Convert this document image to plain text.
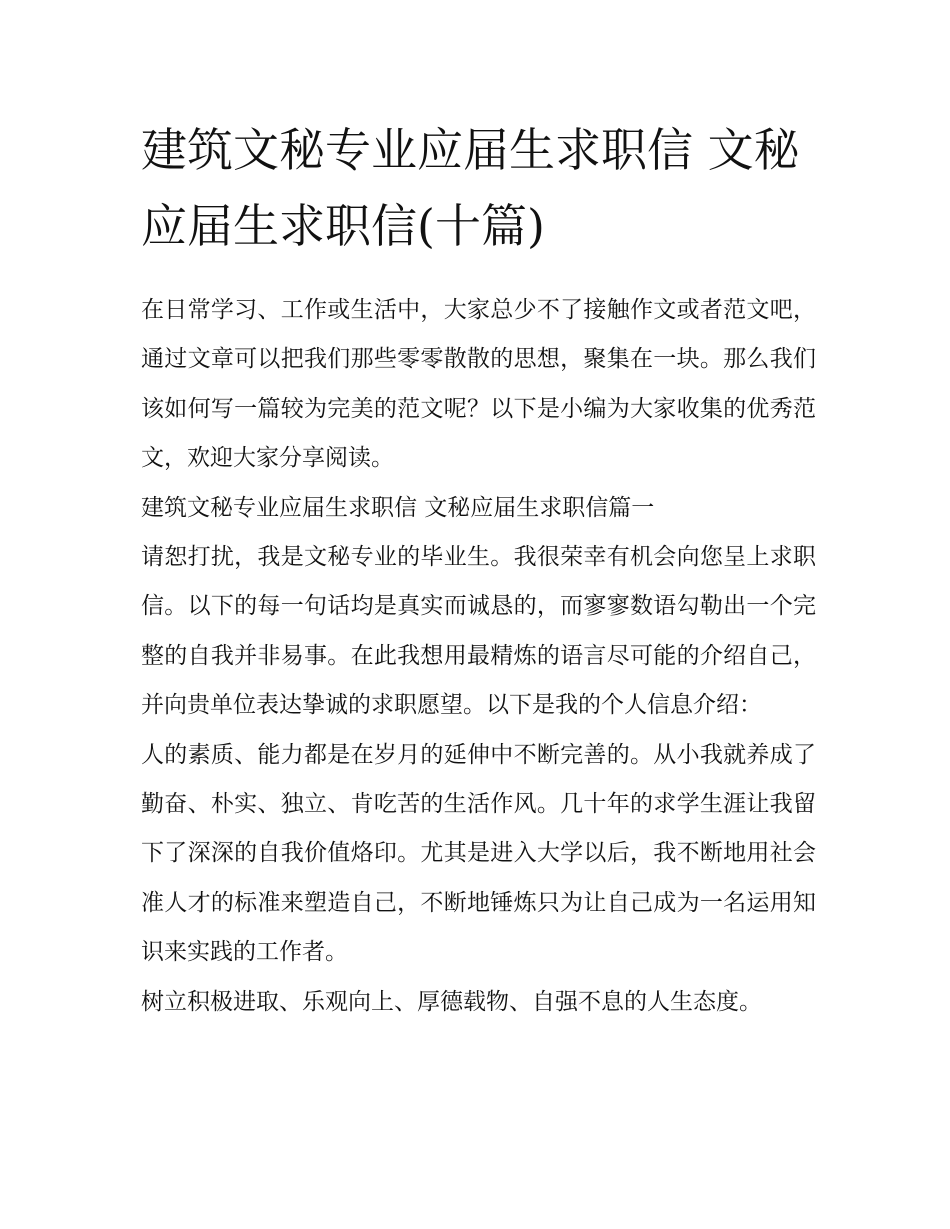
建筑文秘专业应届生求职信 文秘应届生求职信(十篇)

在日常学习、工作或生活中，大家总少不了接触作文或者范文吧，通过文章可以把我们那些零零散散的思想，聚集在一块。那么我们该如何写一篇较为完美的范文呢？以下是小编为大家收集的优秀范文，欢迎大家分享阅读。

建筑文秘专业应届生求职信 文秘应届生求职信篇一

请恕打扰，我是文秘专业的毕业生。我很荣幸有机会向您呈上求职信。以下的每一句话均是真实而诚恳的，而寥寥数语勾勒出一个完整的自我并非易事。在此我想用最精炼的语言尽可能的介绍自己，并向贵单位表达挚诚的求职愿望。以下是我的个人信息介绍：

人的素质、能力都是在岁月的延伸中不断完善的。从小我就养成了勤奋、朴实、独立、肯吃苦的生活作风。几十年的求学生涯让我留下了深深的自我价值烙印。尤其是进入大学以后，我不断地用社会准人才的标准来塑造自己，不断地锤炼只为让自己成为一名运用知识来实践的工作者。

树立积极进取、乐观向上、厚德载物、自强不息的人生态度。
